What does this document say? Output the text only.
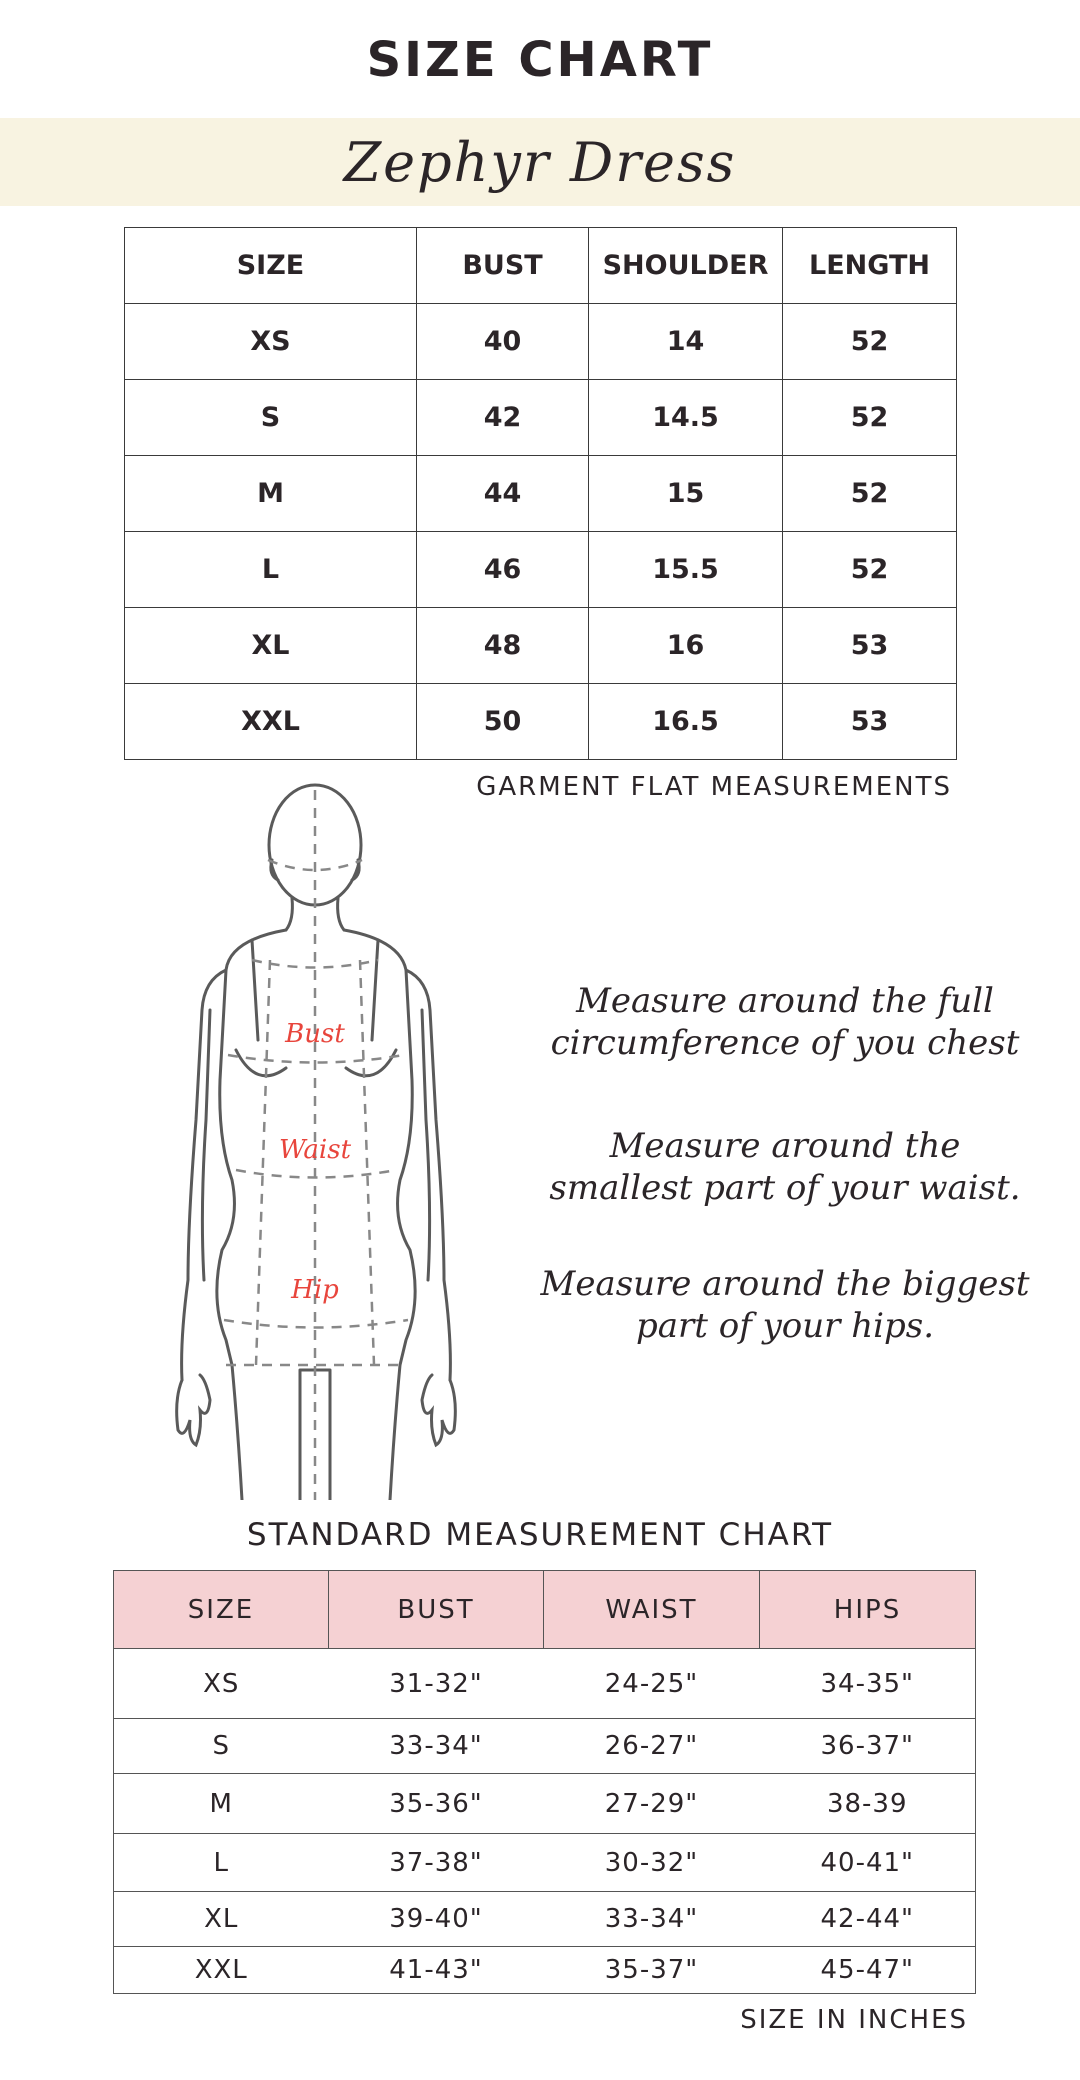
SIZE CHART
Zephyr Dress
SIZE	BUST	SHOULDER	LENGTH
XS	40	14	52
S	42	14.5	52
M	44	15	52
L	46	15.5	52
XL	48	16	53
XXL	50	16.5	53
GARMENT FLAT MEASUREMENTS
Bust
Waist
Hip
Measure around the full
circumference of you chest
Measure around the
smallest part of your waist.
Measure around the biggest
part of your hips.
STANDARD MEASUREMENT CHART
SIZE	BUST	WAIST	HIPS
XS	31-32"	24-25"	34-35"
S	33-34"	26-27"	36-37"
M	35-36"	27-29"	38-39
L	37-38"	30-32"	40-41"
XL	39-40"	33-34"	42-44"
XXL	41-43"	35-37"	45-47"
SIZE IN INCHES
